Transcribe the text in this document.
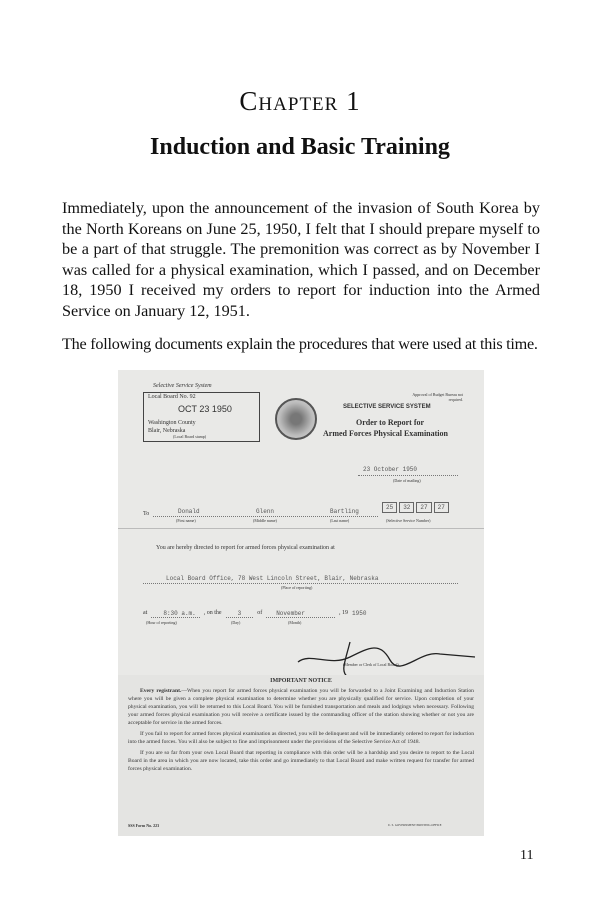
Chapter 1
Induction and Basic Training
Immediately, upon the announcement of the invasion of South Korea by the North Koreans on June 25, 1950, I felt that I should prepare myself to be a part of that struggle. The premonition was correct as by November I was called for a physical examination, which I passed, and on December 18, 1950 I received my orders to report for induction into the Armed Service on January 12, 1951.
The following documents explain the procedures that were used at this time.
Selective Service System
Local Board No. 92
OCT 23 1950
Washington County
Blair, Nebraska
(Local Board stamp)
Approval of Budget Bureau not required.
SELECTIVE SERVICE SYSTEM
Order to Report for
Armed Forces Physical Examination
23 October 1950
(Date of mailing)
To	Donald
(First name)
Glenn
(Middle name)
Bartling
(Last name)
25	32	27	27
(Selective Service Number)
You are hereby directed to report for armed forces physical examination at
Local Board Office, 78 West Lincoln Street, Blair, Nebraska
(Place of reporting)
at	8:30 a.m.	, on the	3	of	November	, 19 1950
(Hour of reporting)	(Day)	(Month)
(Member or Clerk of Local Board)
IMPORTANT NOTICE

Every registrant.—When you report for armed forces physical examination you will be forwarded to a Joint Examining and Induction Station where you will be given a complete physical examination to determine whether you are physically qualified for service. Upon completion of your physical examination, you will be returned to this Local Board. You will be furnished transportation and meals and lodgings when necessary. Following your armed forces physical examination you will receive a certificate issued by the commanding officer of the station showing whether or not you are acceptable for service in the armed forces.

If you fail to report for armed forces physical examination as directed, you will be delinquent and will be immediately ordered to report for induction into the armed forces. You will also be subject to fine and imprisonment under the provisions of the Selective Service Act of 1948.

If you are so far from your own Local Board that reporting in compliance with this order will be a hardship and you desire to report to the Local Board in the area in which you are now located, take this order and go immediately to that Local Board and make written request for transfer for armed forces physical examination.

SSS Form No. 223	U. S. GOVERNMENT PRINTING OFFICE
11
